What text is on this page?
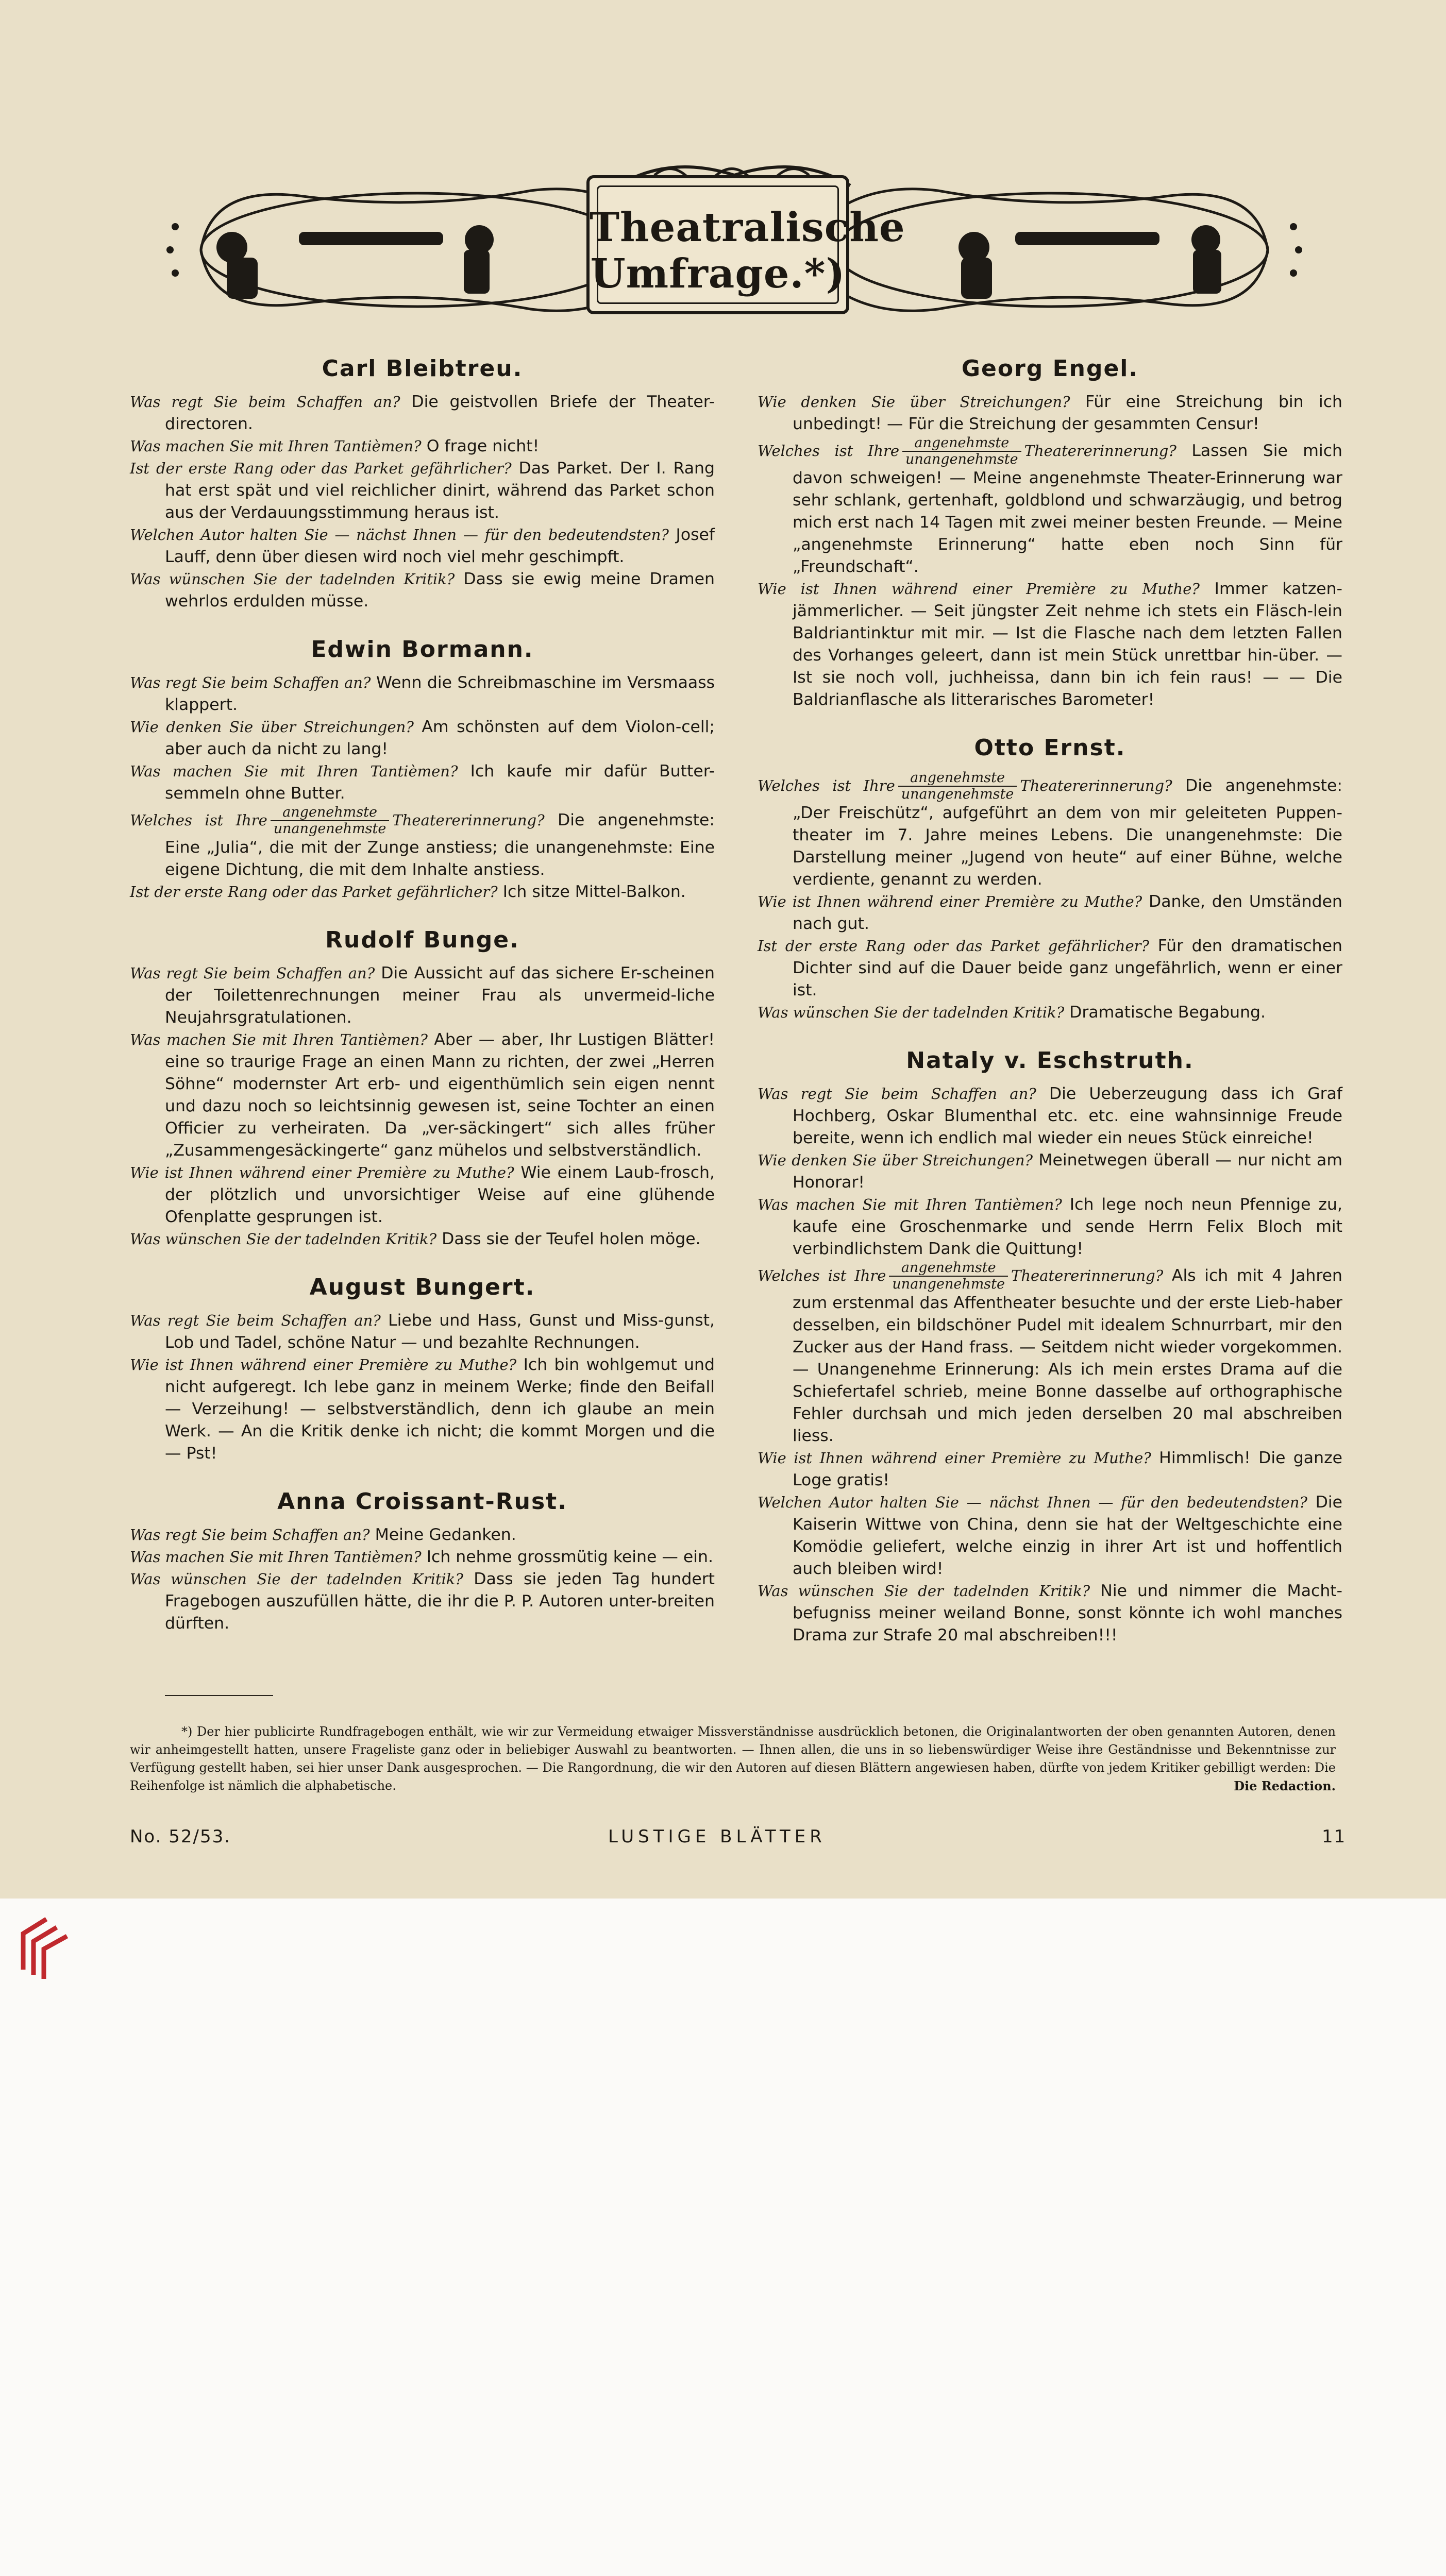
Theatralische
Umfrage.*)
Carl Bleibtreu.

Was regt Sie beim Schaffen an? Die geistvollen Briefe der Theater-directoren.

Was machen Sie mit Ihren Tantièmen? O frage nicht!

Ist der erste Rang oder das Parket gefährlicher? Das Parket. Der I. Rang hat erst spät und viel reichlicher dinirt, während das Parket schon aus der Verdauungsstimmung heraus ist.

Welchen Autor halten Sie — nächst Ihnen — für den bedeutendsten? Josef Lauff, denn über diesen wird noch viel mehr geschimpft.

Was wünschen Sie der tadelnden Kritik? Dass sie ewig meine Dramen wehrlos erdulden müsse.

Edwin Bormann.

Was regt Sie beim Schaffen an? Wenn die Schreibmaschine im Versmaass klappert.

Wie denken Sie über Streichungen? Am schönsten auf dem Violon-cell; aber auch da nicht zu lang!

Was machen Sie mit Ihren Tantièmen? Ich kaufe mir dafür Butter-semmeln ohne Butter.

Welches ist Ihre $\frac{\text{angenehmste}}{\text{unangenehmste}}$ Theatererinnerung? Die angenehmste: Eine „Julia“, die mit der Zunge anstiess; die unangenehmste: Eine eigene Dichtung, die mit dem Inhalte anstiess.

Ist der erste Rang oder das Parket gefährlicher? Ich sitze Mittel-Balkon.

Rudolf Bunge.

Was regt Sie beim Schaffen an? Die Aussicht auf das sichere Er-scheinen der Toilettenrechnungen meiner Frau als unvermeid-liche Neujahrsgratulationen.

Was machen Sie mit Ihren Tantièmen? Aber — aber, Ihr Lustigen Blätter! eine so traurige Frage an einen Mann zu richten, der zwei „Herren Söhne“ modernster Art erb- und eigenthümlich sein eigen nennt und dazu noch so leichtsinnig gewesen ist, seine Tochter an einen Officier zu verheiraten. Da „ver-säckingert“ sich alles früher „Zusammengesäckingerte“ ganz mühelos und selbstverständlich.

Wie ist Ihnen während einer Première zu Muthe? Wie einem Laub-frosch, der plötzlich und unvorsichtiger Weise auf eine glühende Ofenplatte gesprungen ist.

Was wünschen Sie der tadelnden Kritik? Dass sie der Teufel holen möge.

August Bungert.

Was regt Sie beim Schaffen an? Liebe und Hass, Gunst und Miss-gunst, Lob und Tadel, schöne Natur — und bezahlte Rechnungen.

Wie ist Ihnen während einer Première zu Muthe? Ich bin wohlgemut und nicht aufgeregt. Ich lebe ganz in meinem Werke; finde den Beifall — Verzeihung! — selbstverständlich, denn ich glaube an mein Werk. — An die Kritik denke ich nicht; die kommt Morgen und die — Pst!

Anna Croissant-Rust.

Was regt Sie beim Schaffen an? Meine Gedanken.

Was machen Sie mit Ihren Tantièmen? Ich nehme grossmütig keine — ein.

Was wünschen Sie der tadelnden Kritik? Dass sie jeden Tag hundert Fragebogen auszufüllen hätte, die ihr die P. P. Autoren unter-breiten dürften.

Georg Engel.

Wie denken Sie über Streichungen? Für eine Streichung bin ich unbedingt! — Für die Streichung der gesammten Censur!

Welches ist Ihre $\frac{\text{angenehmste}}{\text{unangenehmste}}$ Theatererinnerung? Lassen Sie mich davon schweigen! — Meine angenehmste Theater-Erinnerung war sehr schlank, gertenhaft, goldblond und schwarzäugig, und betrog mich erst nach 14 Tagen mit zwei meiner besten Freunde. — Meine „angenehmste Erinnerung“ hatte eben noch Sinn für „Freundschaft“.

Wie ist Ihnen während einer Première zu Muthe? Immer katzen-jämmerlicher. — Seit jüngster Zeit nehme ich stets ein Fläsch-lein Baldriantinktur mit mir. — Ist die Flasche nach dem letzten Fallen des Vorhanges geleert, dann ist mein Stück unrettbar hin-über. — Ist sie noch voll, juchheissa, dann bin ich fein raus! — — Die Baldrianflasche als litterarisches Barometer!

Otto Ernst.

Welches ist Ihre $\frac{\text{angenehmste}}{\text{unangenehmste}}$ Theatererinnerung? Die angenehmste: „Der Freischütz“, aufgeführt an dem von mir geleiteten Puppen-theater im 7. Jahre meines Lebens. Die unangenehmste: Die Darstellung meiner „Jugend von heute“ auf einer Bühne, welche verdiente, genannt zu werden.

Wie ist Ihnen während einer Première zu Muthe? Danke, den Umständen nach gut.

Ist der erste Rang oder das Parket gefährlicher? Für den dramatischen Dichter sind auf die Dauer beide ganz ungefährlich, wenn er einer ist.

Was wünschen Sie der tadelnden Kritik? Dramatische Begabung.

Nataly v. Eschstruth.

Was regt Sie beim Schaffen an? Die Ueberzeugung dass ich Graf Hochberg, Oskar Blumenthal etc. etc. eine wahnsinnige Freude bereite, wenn ich endlich mal wieder ein neues Stück einreiche!

Wie denken Sie über Streichungen? Meinetwegen überall — nur nicht am Honorar!

Was machen Sie mit Ihren Tantièmen? Ich lege noch neun Pfennige zu, kaufe eine Groschenmarke und sende Herrn Felix Bloch mit verbindlichstem Dank die Quittung!

Welches ist Ihre $\frac{\text{angenehmste}}{\text{unangenehmste}}$ Theatererinnerung? Als ich mit 4 Jahren zum erstenmal das Affentheater besuchte und der erste Lieb-haber desselben, ein bildschöner Pudel mit idealem Schnurrbart, mir den Zucker aus der Hand frass. — Seitdem nicht wieder vorgekommen. — Unangenehme Erinnerung: Als ich mein erstes Drama auf die Schiefertafel schrieb, meine Bonne dasselbe auf orthographische Fehler durchsah und mich jeden derselben 20 mal abschreiben liess.

Wie ist Ihnen während einer Première zu Muthe? Himmlisch! Die ganze Loge gratis!

Welchen Autor halten Sie — nächst Ihnen — für den bedeutendsten? Die Kaiserin Wittwe von China, denn sie hat der Weltgeschichte eine Komödie geliefert, welche einzig in ihrer Art ist und hoffentlich auch bleiben wird!

Was wünschen Sie der tadelnden Kritik? Nie und nimmer die Macht-befugniss meiner weiland Bonne, sonst könnte ich wohl manches Drama zur Strafe 20 mal abschreiben!!!

*) Der hier publicirte Rundfragebogen enthält, wie wir zur Vermeidung etwaiger Missverständnisse ausdrücklich betonen, die Originalantworten der oben genannten Autoren, denen wir anheimgestellt hatten, unsere Frageliste ganz oder in beliebiger Auswahl zu beantworten. — Ihnen allen, die uns in so liebenswürdiger Weise ihre Geständnisse und Bekenntnisse zur Verfügung gestellt haben, sei hier unser Dank ausgesprochen. — Die Rangordnung, die wir den Autoren auf diesen Blättern angewiesen haben, dürfte von jedem Kritiker gebilligt werden: Die Reihenfolge ist nämlich die alphabetische.	Die Redaction.

No. 52/53.	LUSTIGE BLÄTTER	11
